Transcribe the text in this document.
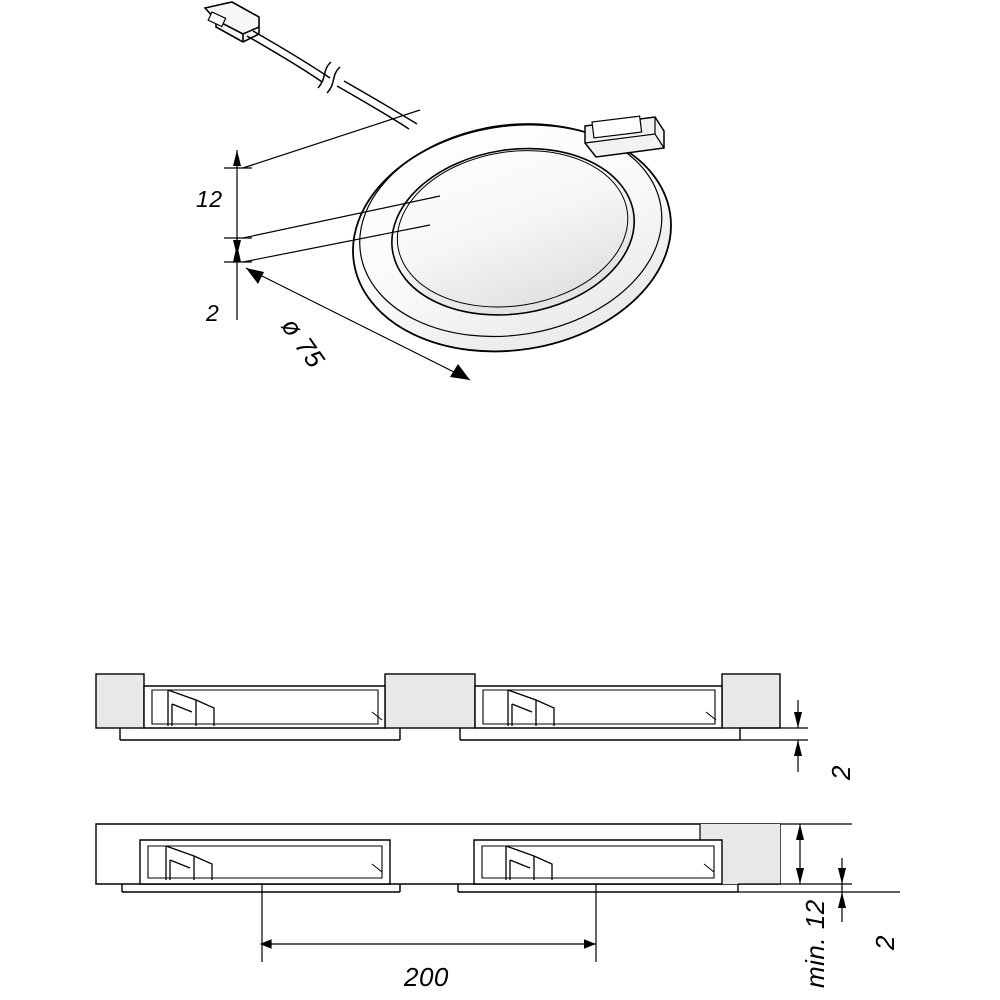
12
2 ø 75
2
200	min. 12 2
